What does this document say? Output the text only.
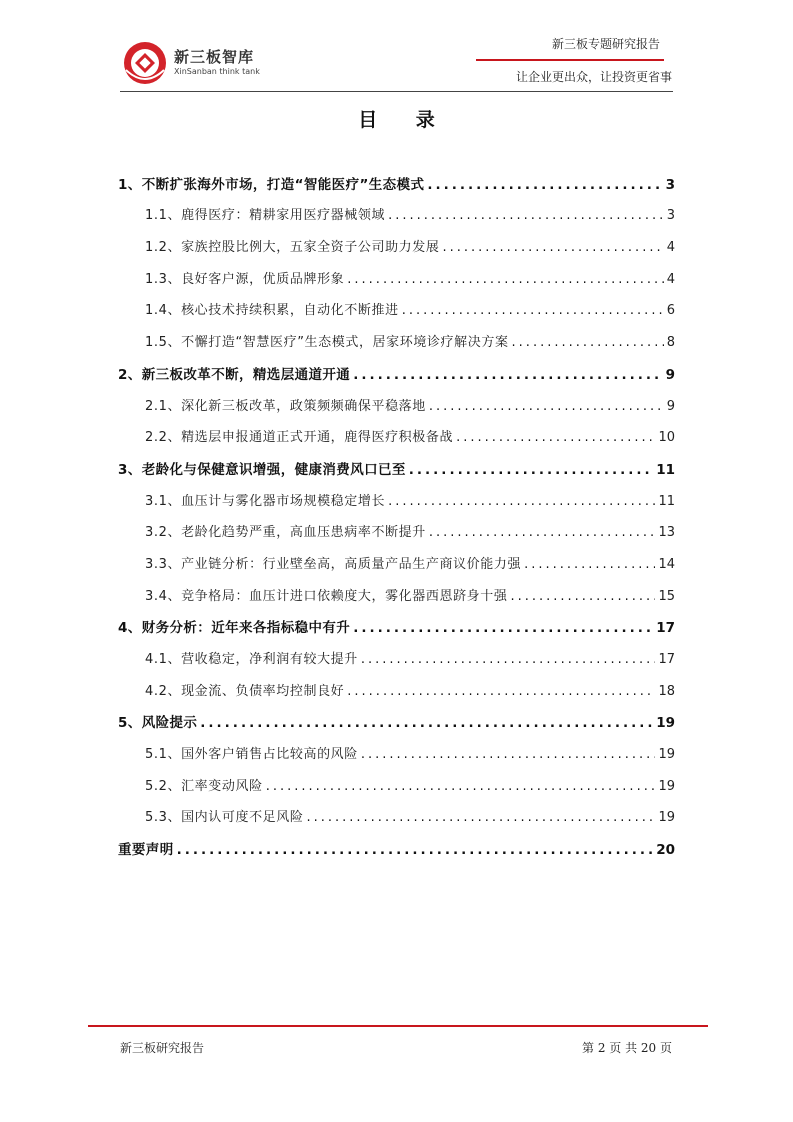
新三板智库
XinSanban think tank
新三板专题研究报告
让企业更出众，让投资更省事
目 录
1、不断扩张海外市场，打造“智能医疗”生态模式 .....	3
1.1、鹿得医疗：精耕家用医疗器械领域 .....	3
1.2、家族控股比例大，五家全资子公司助力发展 .....	4
1.3、良好客户源，优质品牌形象 .....	4
1.4、核心技术持续积累，自动化不断推进 .....	6
1.5、不懈打造“智慧医疗”生态模式，居家环境诊疗解决方案 .....	8
2、新三板改革不断，精选层通道开通 .....	9
2.1、深化新三板改革，政策频频确保平稳落地 .....	9
2.2、精选层申报通道正式开通，鹿得医疗积极备战 .....	10
3、老龄化与保健意识增强，健康消费风口已至 .....	11
3.1、血压计与雾化器市场规模稳定增长 .....	11
3.2、老龄化趋势严重，高血压患病率不断提升 .....	13
3.3、产业链分析：行业壁垒高，高质量产品生产商议价能力强 .....	14
3.4、竞争格局：血压计进口依赖度大，雾化器西恩跻身十强 .....	15
4、财务分析：近年来各指标稳中有升 .....	17
4.1、营收稳定，净利润有较大提升 .....	17
4.2、现金流、负债率均控制良好 .....	18
5、风险提示 .....	19
5.1、国外客户销售占比较高的风险 .....	19
5.2、汇率变动风险 .....	19
5.3、国内认可度不足风险 .....	19
重要声明 .....	20
新三板研究报告	第 2 页 共 20 页
